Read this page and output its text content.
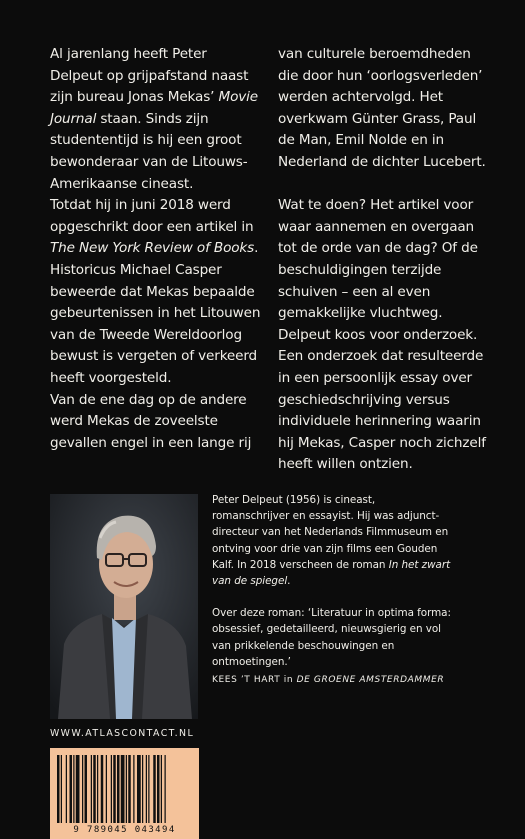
Al jarenlang heeft Peter Delpeut op grijpafstand naast zijn bureau Jonas Mekas’ Movie Journal staan. Sinds zijn studententijd is hij een groot bewonderaar van de Litouws-Amerikaanse cineast.

Totdat hij in juni 2018 werd opgeschrikt door een artikel in The New York Review of Books. Historicus Michael Casper beweerde dat Mekas bepaalde gebeurtenissen in het Litouwen van de Tweede Wereldoorlog bewust is vergeten of verkeerd heeft voorgesteld.

Van de ene dag op de andere werd Mekas de zoveelste gevallen engel in een lange rij

van culturele beroemdheden die door hun ‘oorlogsverleden’ werden achtervolgd. Het overkwam Günter Grass, Paul de Man, Emil Nolde en in Nederland de dichter Lucebert.

Wat te doen? Het artikel voor waar aannemen en overgaan tot de orde van de dag? Of de beschuldigingen terzijde schuiven – een al even gemakkelijke vluchtweg. Delpeut koos voor onderzoek. Een onderzoek dat resulteerde in een persoonlijk essay over geschiedschrijving versus individuele herinnering waarin hij Mekas, Casper noch zichzelf heeft willen ontzien.

Peter Delpeut (1956) is cineast, romanschrijver en essayist. Hij was adjunct-directeur van het Nederlands Filmmuseum en ontving voor drie van zijn films een Gouden Kalf. In 2018 verscheen de roman In het zwart van de spiegel.

Over deze roman: ‘Literatuur in optima forma: obsessief, gedetailleerd, nieuwsgierig en vol van prikkelende beschouwingen en ontmoetingen.’

KEES ’T HART in DE GROENE AMSTERDAMMER

WWW.ATLASCONTACT.NL
9 789045 043494
